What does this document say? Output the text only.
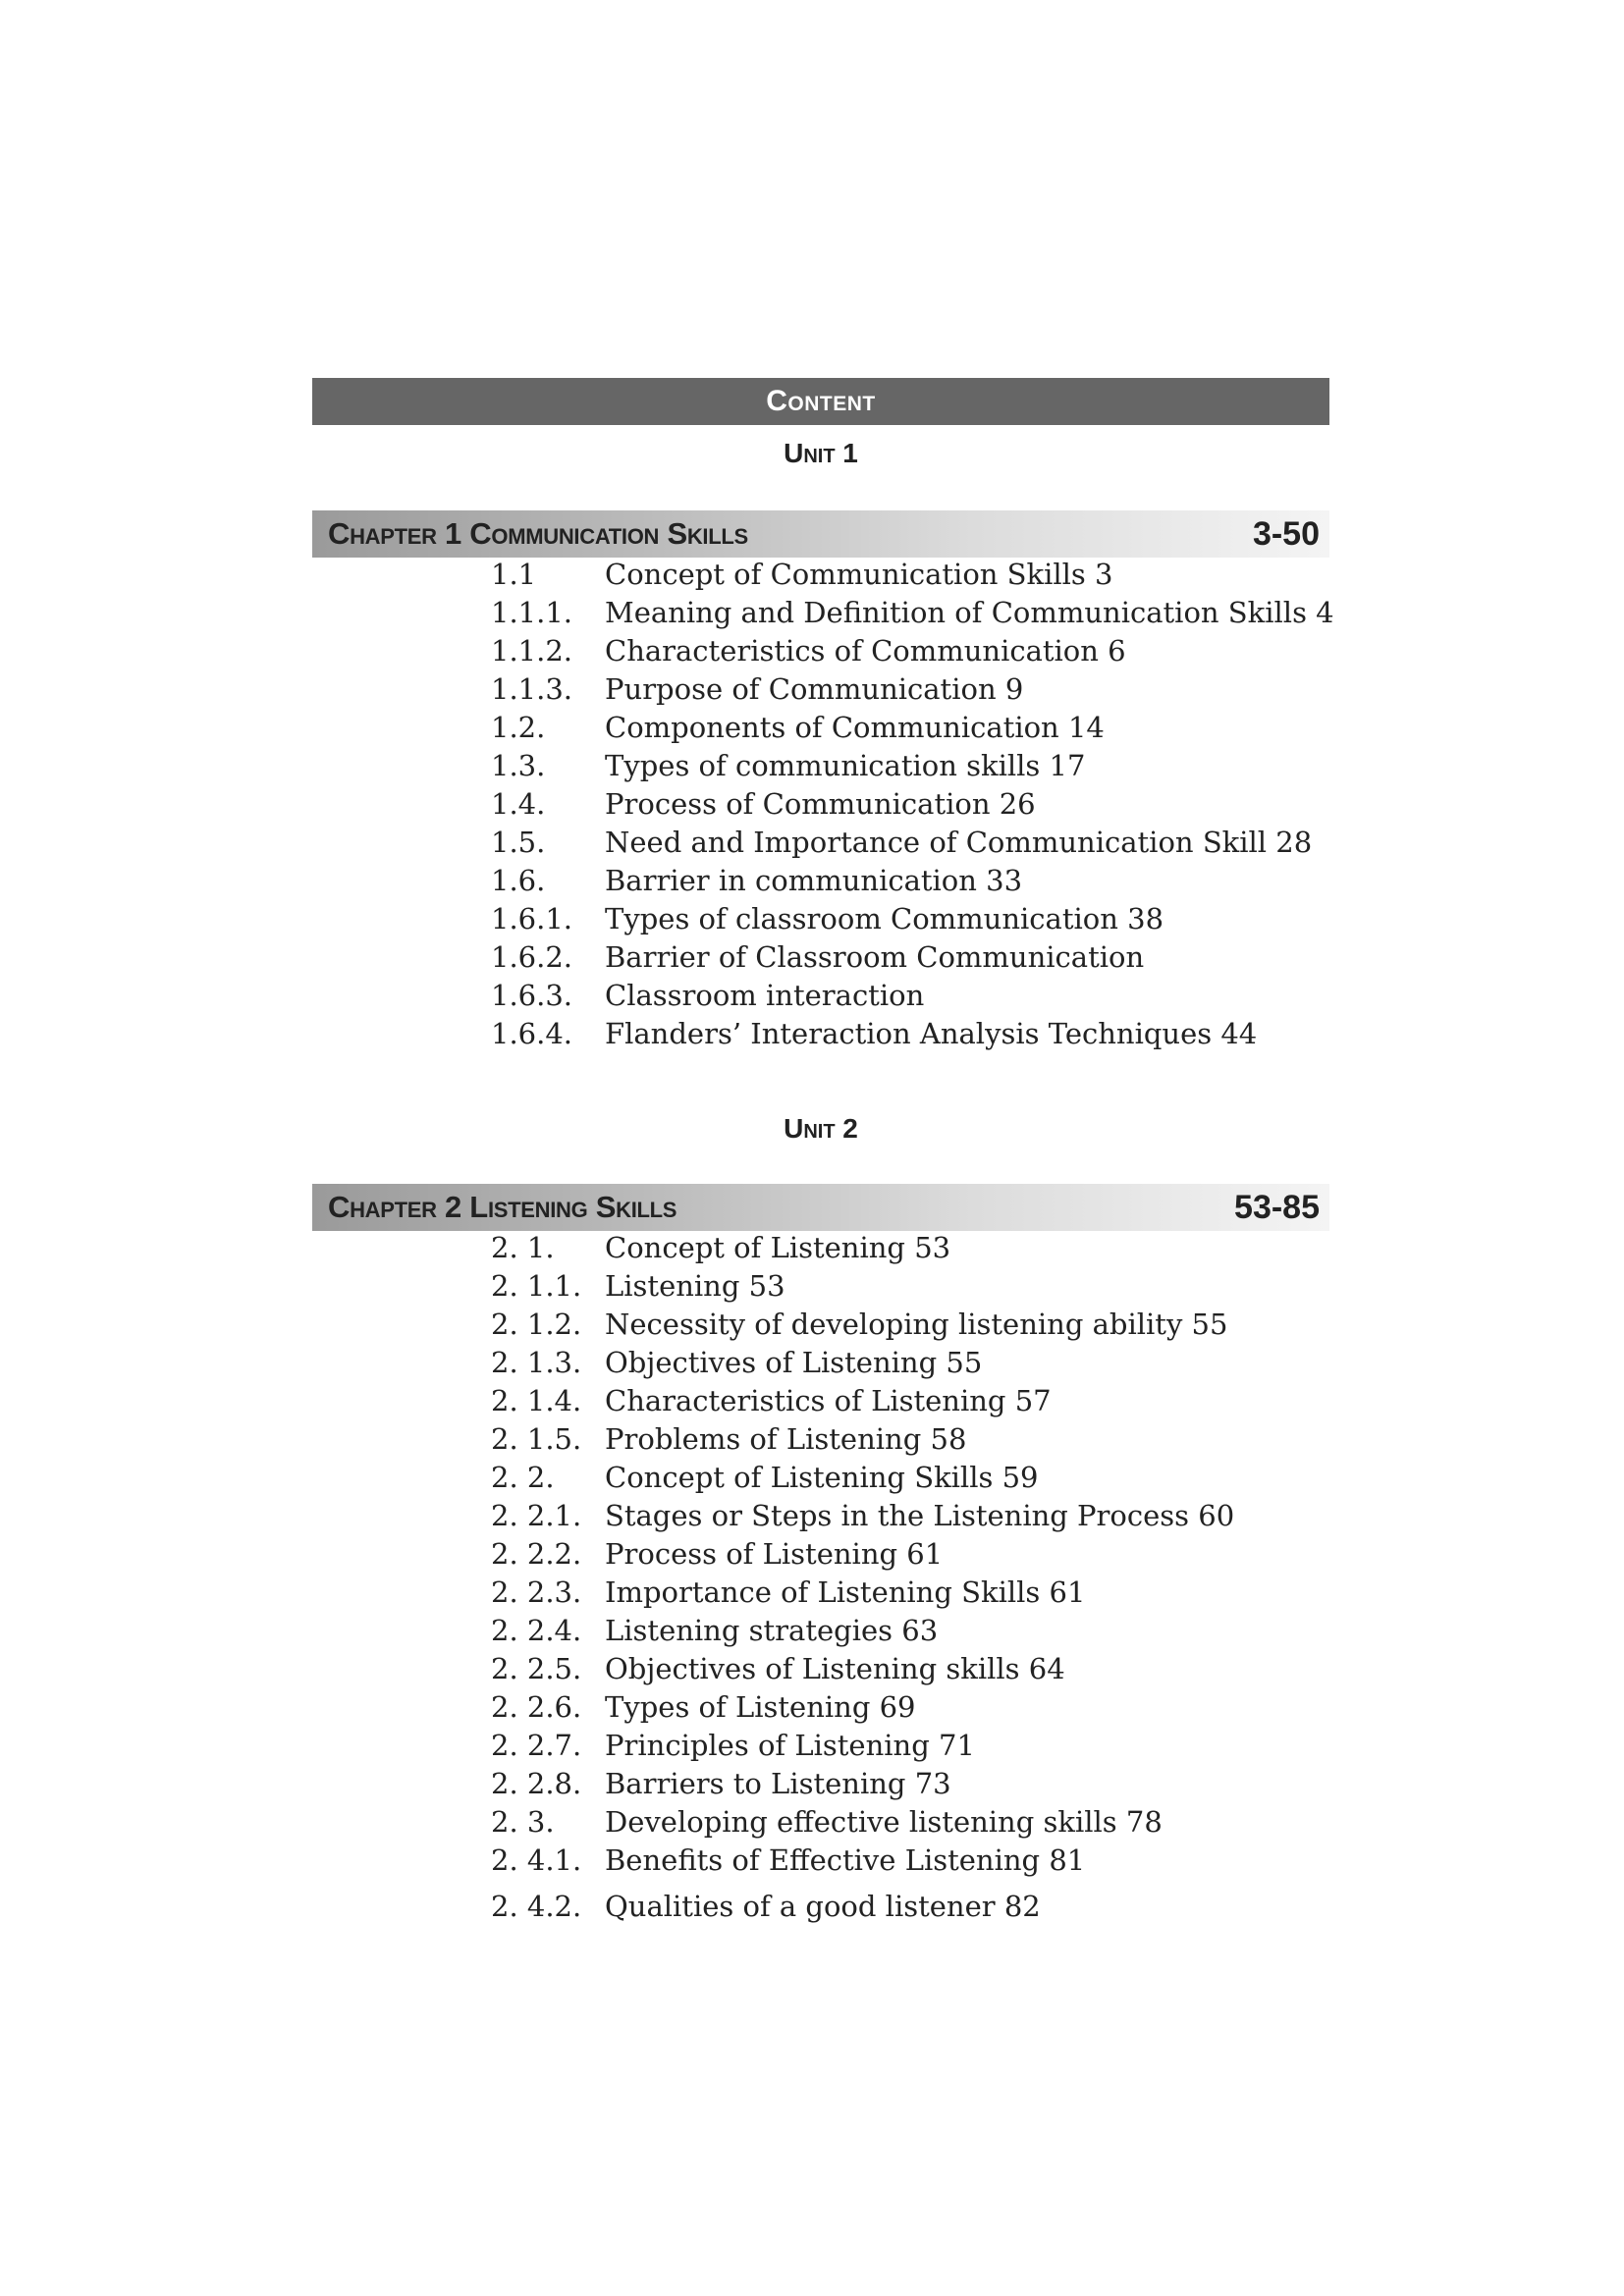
Content
Unit 1
Chapter 1 Communication Skills	3-50
1.1	Concept of Communication Skills 3
1.1.1.	Meaning and Definition of Communication Skills 4
1.1.2.	Characteristics of Communication 6
1.1.3.	Purpose of Communication 9
1.2.	Components of Communication 14
1.3.	Types of communication skills 17
1.4.	Process of Communication 26
1.5.	Need and Importance of Communication Skill 28
1.6.	Barrier in communication 33
1.6.1.	Types of classroom Communication 38
1.6.2.	Barrier of Classroom Communication
1.6.3.	Classroom interaction
1.6.4.	Flanders’ Interaction Analysis Techniques 44
Unit 2
Chapter 2 Listening Skills	53-85
2. 1.	Concept of Listening 53
2. 1.1. Listening 53
2. 1.2. Necessity of developing listening ability 55
2. 1.3. Objectives of Listening 55
2. 1.4. Characteristics of Listening 57
2. 1.5. Problems of Listening 58
2. 2.	Concept of Listening Skills 59
2. 2.1. Stages or Steps in the Listening Process 60
2. 2.2. Process of Listening 61
2. 2.3. Importance of Listening Skills 61
2. 2.4. Listening strategies 63
2. 2.5. Objectives of Listening skills 64
2. 2.6. Types of Listening 69
2. 2.7. Principles of Listening 71
2. 2.8. Barriers to Listening 73
2. 3.	Developing effective listening skills 78
2. 4.1. Benefits of Effective Listening 81
2. 4.2. Qualities of a good listener 82
